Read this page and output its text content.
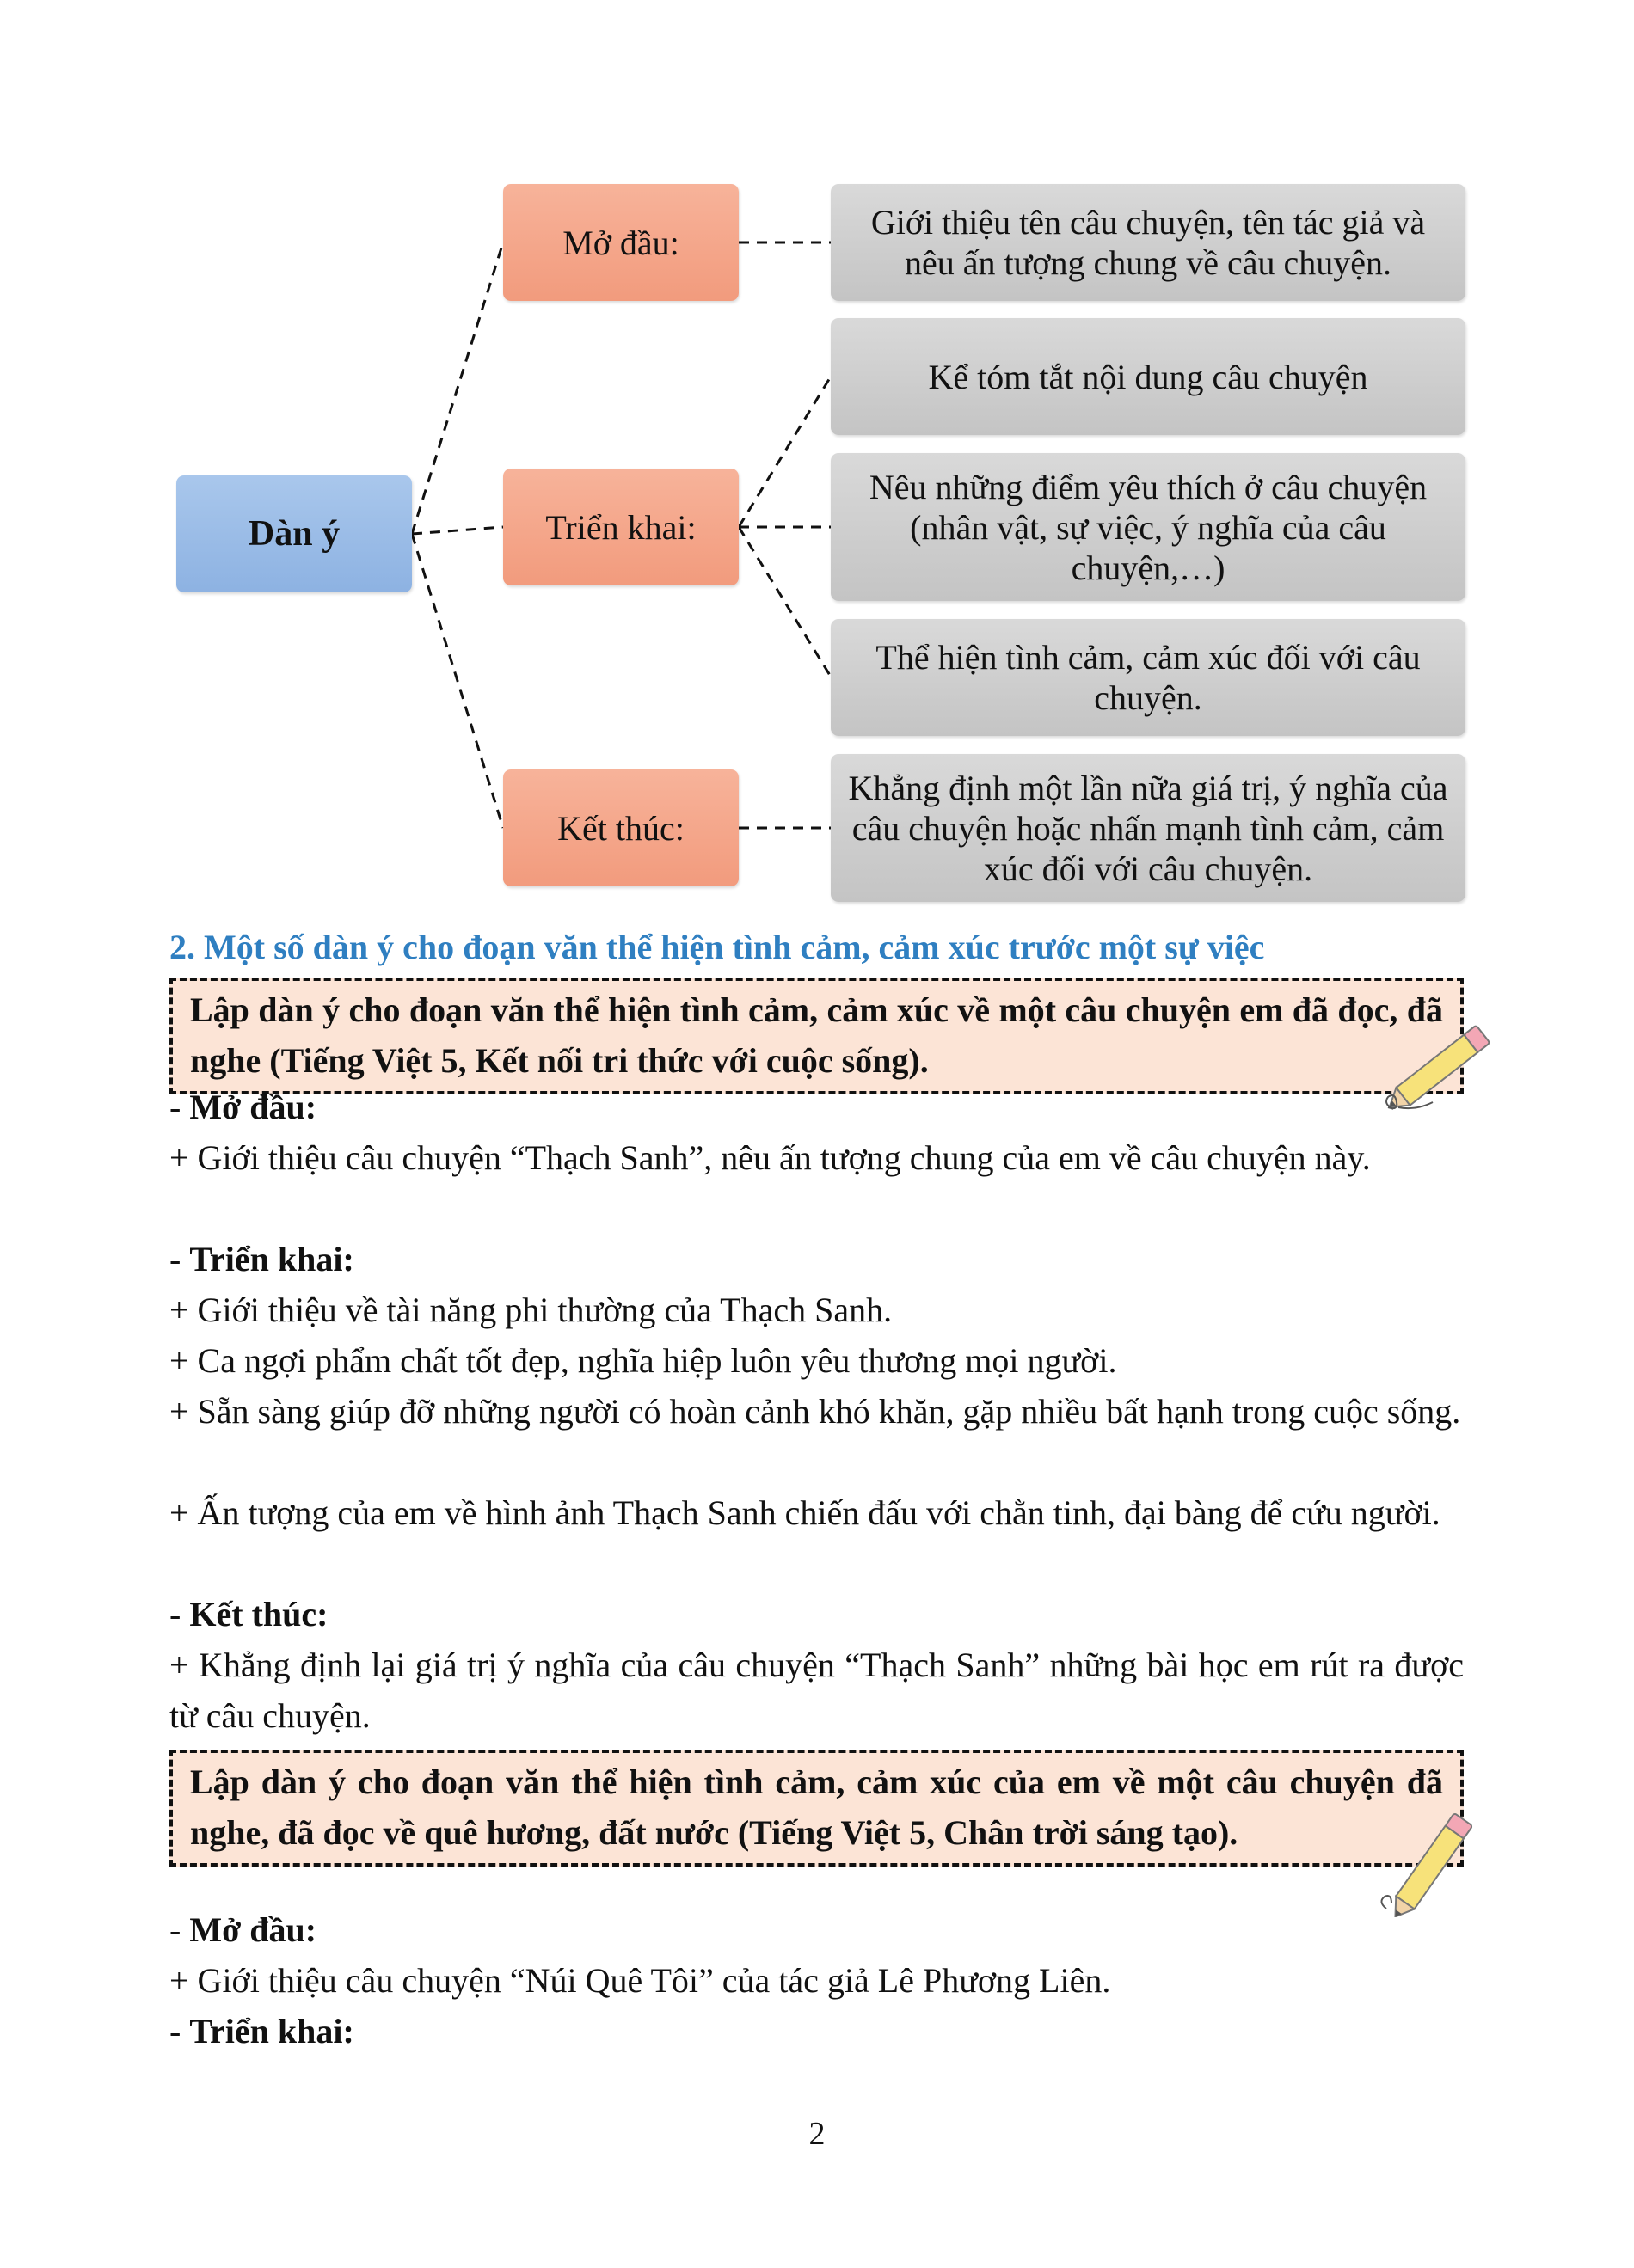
Dàn ý
Mở đầu:
Triển khai:
Kết thúc:
Giới thiệu tên câu chuyện, tên tác giả và nêu ấn tượng chung về câu chuyện.
Kể tóm tắt nội dung câu chuyện
Nêu những điểm yêu thích ở câu chuyện (nhân vật, sự việc, ý nghĩa của câu chuyện,…)
Thể hiện tình cảm, cảm xúc đối với câu chuyện.
Khẳng định một lần nữa giá trị, ý nghĩa của câu chuyện hoặc nhấn mạnh tình cảm, cảm xúc đối với câu chuyện.
2. Một số dàn ý cho đoạn văn thể hiện tình cảm, cảm xúc trước một sự việc
Lập dàn ý cho đoạn văn thể hiện tình cảm, cảm xúc về một câu chuyện em đã đọc, đã nghe (Tiếng Việt 5, Kết nối tri thức với cuộc sống).
- Mở đầu:
+ Giới thiệu câu chuyện “Thạch Sanh”, nêu ấn tượng chung của em về câu chuyện này.
- Triển khai:
+ Giới thiệu về tài năng phi thường của Thạch Sanh.
+ Ca ngợi phẩm chất tốt đẹp, nghĩa hiệp luôn yêu thương mọi người.
+ Sẵn sàng giúp đỡ những người có hoàn cảnh khó khăn, gặp nhiều bất hạnh trong cuộc sống.
+ Ấn tượng của em về hình ảnh Thạch Sanh chiến đấu với chằn tinh, đại bàng để cứu người.
- Kết thúc:
+ Khẳng định lại giá trị ý nghĩa của câu chuyện “Thạch Sanh” những bài học em rút ra được từ câu chuyện.
Lập dàn ý cho đoạn văn thể hiện tình cảm, cảm xúc của em về một câu chuyện đã nghe, đã đọc về quê hương, đất nước (Tiếng Việt 5, Chân trời sáng tạo).
- Mở đầu:
+ Giới thiệu câu chuyện “Núi Quê Tôi” của tác giả Lê Phương Liên.
- Triển khai:
2
